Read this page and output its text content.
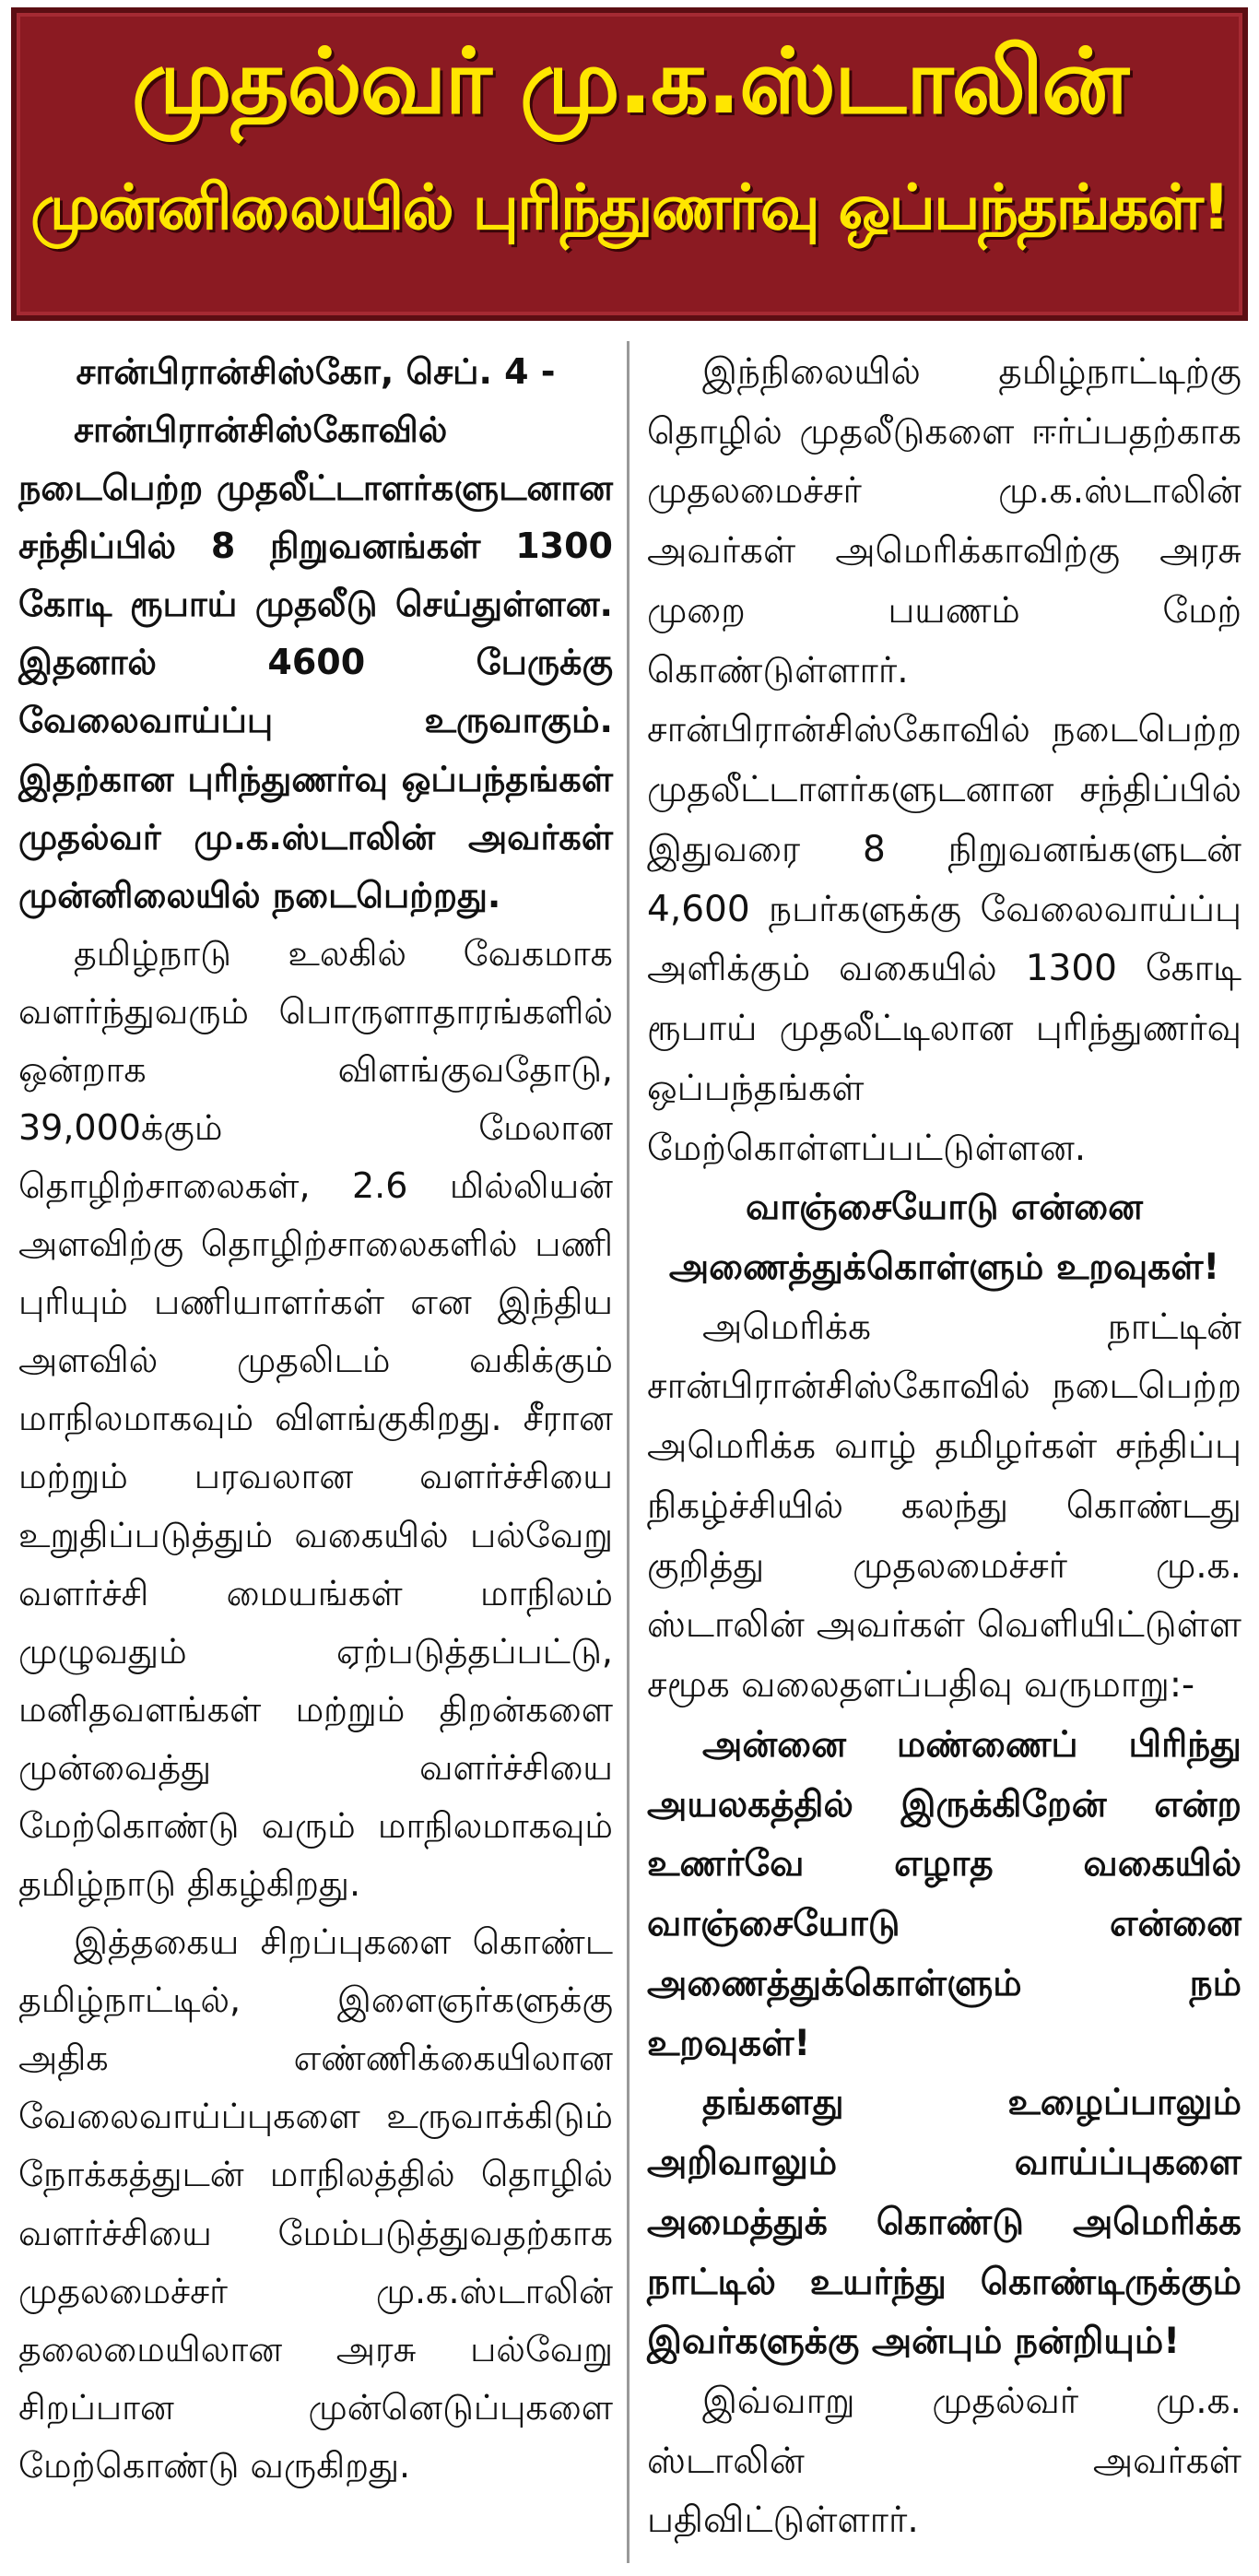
முதல்வர் மு.க.ஸ்டாலின்
முன்னிலையில் புரிந்துணர்வு ஒப்பந்தங்கள்!
சான்பிரான்சிஸ்கோ, செப். 4 -
சான்பிரான்சிஸ்கோவில் நடைபெற்ற முதலீட்டாளர்களுடனான சந்திப்பில் 8 நிறுவனங்கள் 1300 கோடி ரூபாய் முதலீடு செய்துள்ளன. இதனால் 4600 பேருக்கு வேலைவாய்ப்பு உருவாகும். இதற்கான புரிந்துணர்வு ஒப்பந்தங்கள் முதல்வர் மு.க.ஸ்டாலின் அவர்கள் முன்னிலையில் நடைபெற்றது.
தமிழ்நாடு உலகில் வேகமாக வளர்ந்துவரும் பொருளாதாரங்களில் ஒன்றாக விளங்குவதோடு, 39,000க்கும் மேலான தொழிற்சாலைகள், 2.6 மில்லியன் அளவிற்கு தொழிற்சாலைகளில் பணி புரியும் பணியாளர்கள் என இந்திய அளவில் முதலிடம் வகிக்கும் மாநிலமாகவும் விளங்குகிறது. சீரான மற்றும் பரவலான வளர்ச்சியை உறுதிப்படுத்தும் வகையில் பல்வேறு வளர்ச்சி மையங்கள் மாநிலம் முழுவதும் ஏற்படுத்தப்பட்டு, மனிதவளங்கள் மற்றும் திறன்களை முன்வைத்து வளர்ச்சியை மேற்கொண்டு வரும் மாநிலமாகவும் தமிழ்நாடு திகழ்கிறது.
இத்தகைய சிறப்புகளை கொண்ட தமிழ்நாட்டில், இளைஞர்களுக்கு அதிக எண்ணிக்கையிலான வேலைவாய்ப்புகளை உருவாக்கிடும் நோக்கத்துடன் மாநிலத்தில் தொழில் வளர்ச்சியை மேம்படுத்துவதற்காக முதலமைச்சர் மு.க.ஸ்டாலின் தலைமையிலான அரசு பல்வேறு சிறப்பான முன்னெடுப்புகளை மேற்கொண்டு வருகிறது.
இந்நிலையில் தமிழ்நாட்டிற்கு தொழில் முதலீடுகளை ஈர்ப்பதற்காக முதலமைச்சர் மு.க.ஸ்டாலின் அவர்கள் அமெரிக்காவிற்கு அரசு முறை பயணம் மேற் கொண்டுள்ளார். சான்பிரான்சிஸ்கோவில் நடைபெற்ற முதலீட்டாளர்களுடனான சந்திப்பில் இதுவரை 8 நிறுவனங்களுடன் 4,600 நபர்களுக்கு வேலைவாய்ப்பு அளிக்கும் வகையில் 1300 கோடி ரூபாய் முதலீட்டிலான புரிந்துணர்வு ஒப்பந்தங்கள் மேற்கொள்ளப்பட்டுள்ளன.
வாஞ்சையோடு என்னை
அணைத்துக்கொள்ளும் உறவுகள்!
அமெரிக்க நாட்டின் சான்பிரான்சிஸ்கோவில் நடைபெற்ற அமெரிக்க வாழ் தமிழர்கள் சந்திப்பு நிகழ்ச்சியில் கலந்து கொண்டது குறித்து முதலமைச்சர் மு.க. ஸ்டாலின் அவர்கள் வெளியிட்டுள்ள சமூக வலைதளப்பதிவு வருமாறு:-
அன்னை மண்ணைப் பிரிந்து அயலகத்தில் இருக்கிறேன் என்ற உணர்வே எழாத வகையில் வாஞ்சையோடு என்னை அணைத்துக்கொள்ளும் நம் உறவுகள்!
தங்களது உழைப்பாலும் அறிவாலும் வாய்ப்புகளை அமைத்துக் கொண்டு அமெரிக்க நாட்டில் உயர்ந்து கொண்டிருக்கும் இவர்களுக்கு அன்பும் நன்றியும்!
இவ்வாறு முதல்வர் மு.க. ஸ்டாலின் அவர்கள் பதிவிட்டுள்ளார்.
